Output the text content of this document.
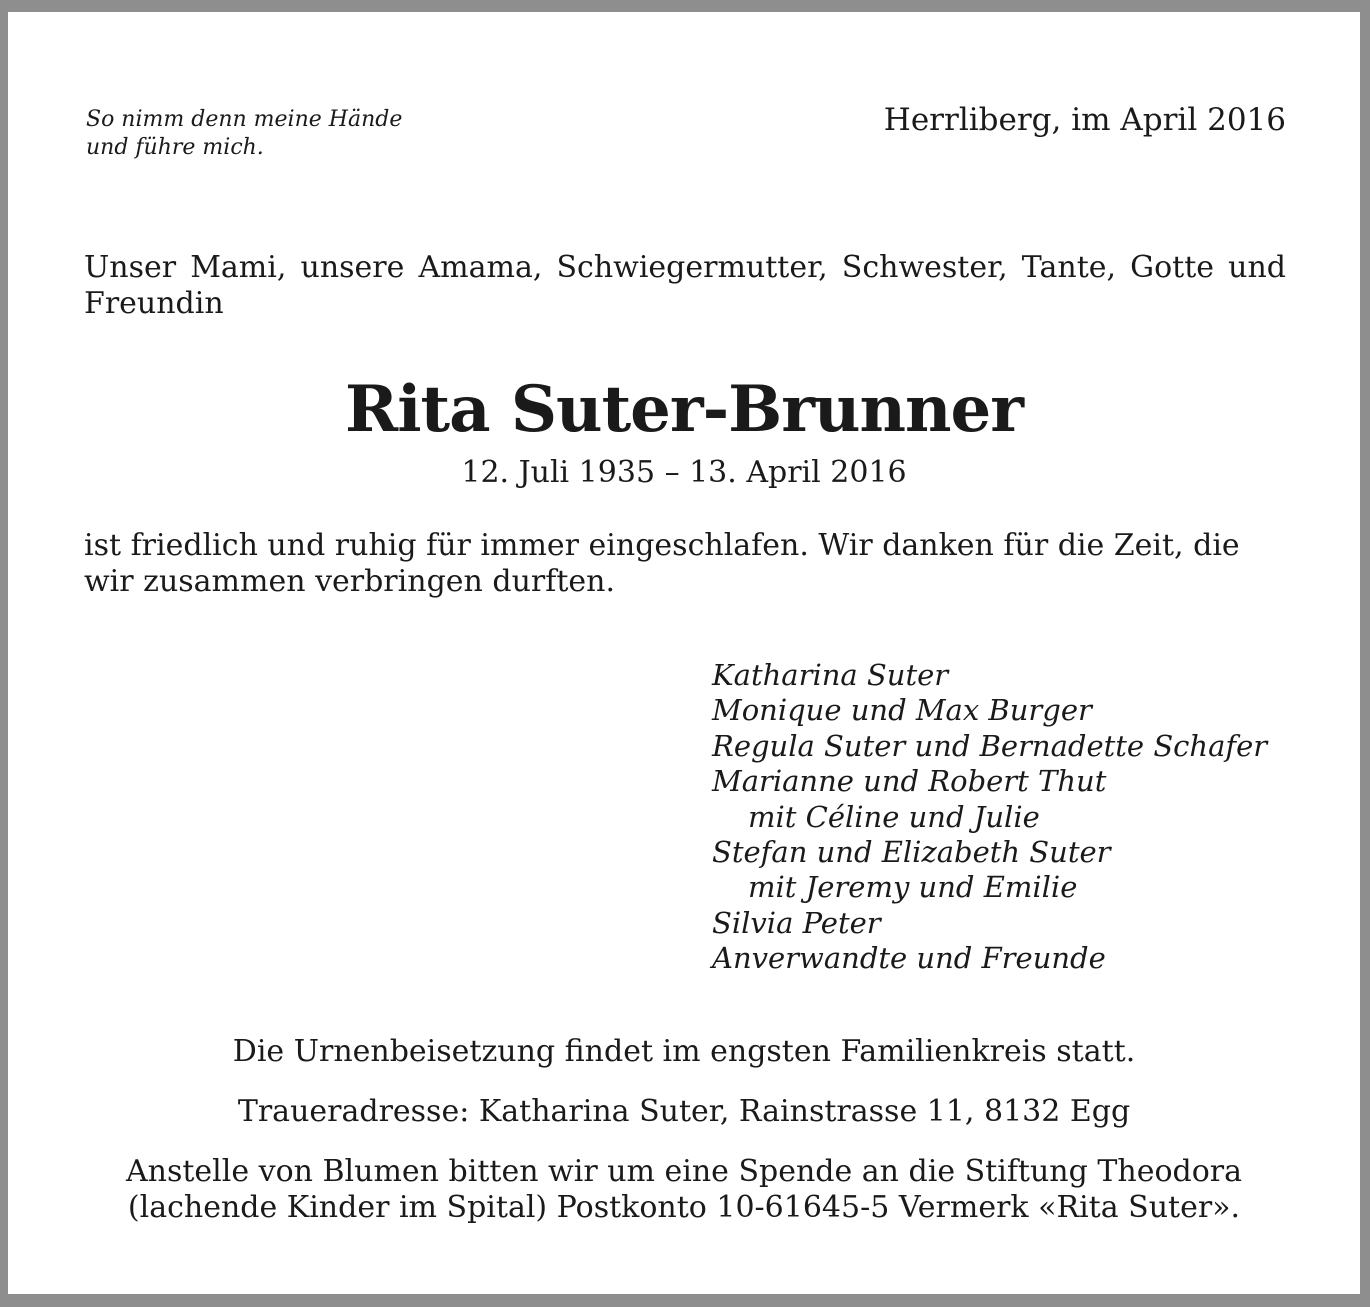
So nimm denn meine Hände
und führe mich.

Herrliberg, im April 2016

Unser Mami, unsere Amama, Schwiegermutter, Schwester, Tante, Gotte und Freundin

Rita Suter-Brunner

12. Juli 1935 – 13. April 2016

ist friedlich und ruhig für immer eingeschlafen. Wir danken für die Zeit, die wir zusammen verbringen durften.

Katharina Suter
Monique und Max Burger
Regula Suter und Bernadette Schafer
Marianne und Robert Thut
mit Céline und Julie
Stefan und Elizabeth Suter
mit Jeremy und Emilie
Silvia Peter
Anverwandte und Freunde

Die Urnenbeisetzung findet im engsten Familienkreis statt.

Traueradresse: Katharina Suter, Rainstrasse 11, 8132 Egg

Anstelle von Blumen bitten wir um eine Spende an die Stiftung Theodora
(lachende Kinder im Spital) Postkonto 10-61645-5 Vermerk «Rita Suter».
